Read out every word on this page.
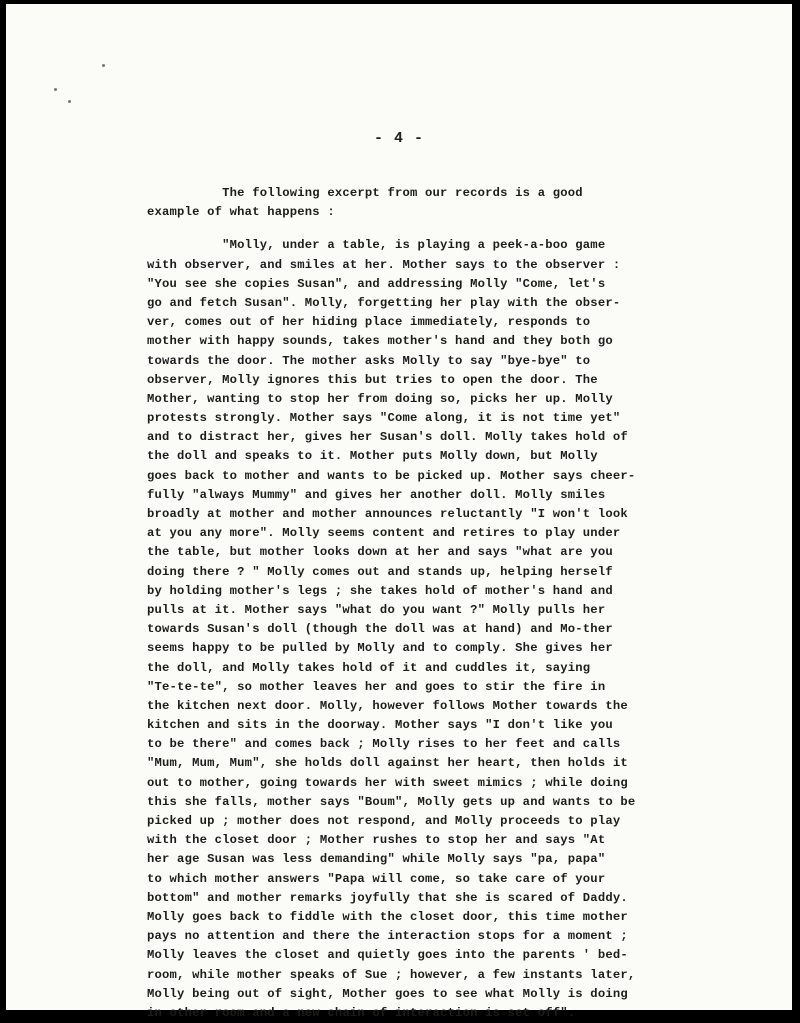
- 4 -
The following excerpt from our records is a good
example of what happens :
"Molly, under a table, is playing a peek-a-boo game
with observer, and smiles at her. Mother says to the observer :
"You see she copies Susan", and addressing Molly "Come, let's
go and fetch Susan". Molly, forgetting her play with the obser-
ver, comes out of her hiding place immediately, responds to
mother with happy sounds, takes mother's hand and they both go
towards the door. The mother asks Molly to say "bye-bye" to
observer, Molly ignores this but tries to open the door. The
Mother, wanting to stop her from doing so, picks her up. Molly
protests strongly. Mother says "Come along, it is not time yet"
and to distract her, gives her Susan's doll. Molly takes hold of
the doll and speaks to it. Mother puts Molly down, but Molly
goes back to mother and wants to be picked up. Mother says cheer-
fully "always Mummy" and gives her another doll. Molly smiles
broadly at mother and mother announces reluctantly "I won't look
at you any more". Molly seems content and retires to play under
the table, but mother looks down at her and says "what are you
doing there ? " Molly comes out and stands up, helping herself
by holding mother's legs ; she takes hold of mother's hand and
pulls at it. Mother says "what do you want ?" Molly pulls her
towards Susan's doll (though the doll was at hand) and Mo-ther
seems happy to be pulled by Molly and to comply. She gives her
the doll, and Molly takes hold of it and cuddles it, saying
"Te-te-te", so mother leaves her and goes to stir the fire in
the kitchen next door. Molly, however follows Mother towards the
kitchen and sits in the doorway. Mother says "I don't like you
to be there" and comes back ; Molly rises to her feet and calls
"Mum, Mum, Mum", she holds doll against her heart, then holds it
out to mother, going towards her with sweet mimics ; while doing
this she falls, mother says "Boum", Molly gets up and wants to be
picked up ; mother does not respond, and Molly proceeds to play
with the closet door ; Mother rushes to stop her and says "At
her age Susan was less demanding" while Molly says "pa, papa"
to which mother answers "Papa will come, so take care of your
bottom" and mother remarks joyfully that she is scared of Daddy.
Molly goes back to fiddle with the closet door, this time mother
pays no attention and there the interaction stops for a moment ;
Molly leaves the closet and quietly goes into the parents ' bed-
room, while mother speaks of Sue ; however, a few instants later,
Molly being out of sight, Mother goes to see what Molly is doing
in other room and a new chain of interaction is set off".
